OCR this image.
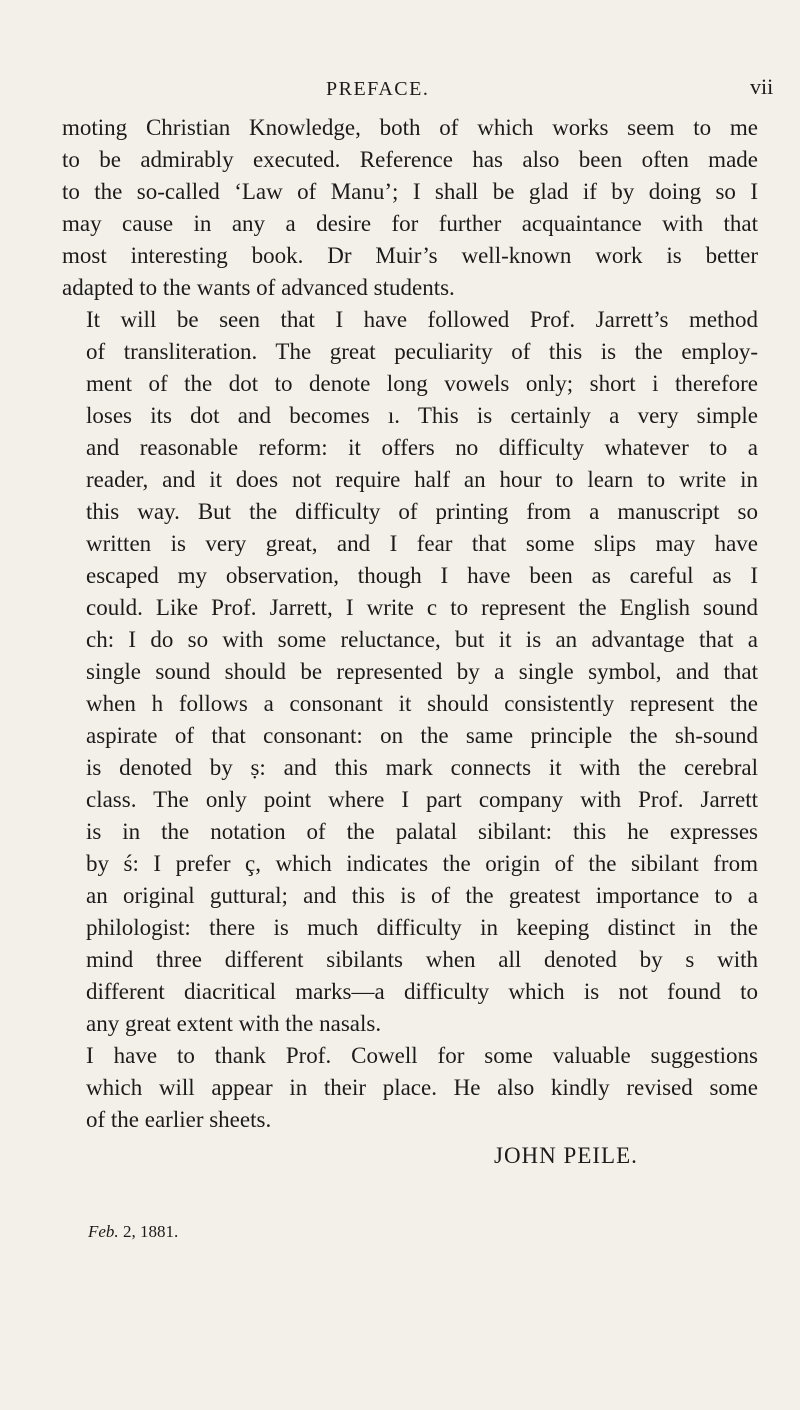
PREFACE.	vii

moting Christian Knowledge, both of which works seem to me
to be admirably executed. Reference has also been often made
to the so-called ‘Law of Manu’; I shall be glad if by doing so I
may cause in any a desire for further acquaintance with that
most interesting book. Dr Muir’s well-known work is better
adapted to the wants of advanced students.

It will be seen that I have followed Prof. Jarrett’s method
of transliteration. The great peculiarity of this is the employ-
ment of the dot to denote long vowels only; short i therefore
loses its dot and becomes ı. This is certainly a very simple
and reasonable reform: it offers no difficulty whatever to a
reader, and it does not require half an hour to learn to write in
this way. But the difficulty of printing from a manuscript so
written is very great, and I fear that some slips may have
escaped my observation, though I have been as careful as I
could. Like Prof. Jarrett, I write c to represent the English sound
ch: I do so with some reluctance, but it is an advantage that a
single sound should be represented by a single symbol, and that
when h follows a consonant it should consistently represent the
aspirate of that consonant: on the same principle the sh-sound
is denoted by ṣ: and this mark connects it with the cerebral
class. The only point where I part company with Prof. Jarrett
is in the notation of the palatal sibilant: this he expresses
by ś: I prefer ç, which indicates the origin of the sibilant from
an original guttural; and this is of the greatest importance to a
philologist: there is much difficulty in keeping distinct in the
mind three different sibilants when all denoted by s with
different diacritical marks—a difficulty which is not found to
any great extent with the nasals.

I have to thank Prof. Cowell for some valuable suggestions
which will appear in their place. He also kindly revised some
of the earlier sheets.

JOHN PEILE.
Feb. 2, 1881.
